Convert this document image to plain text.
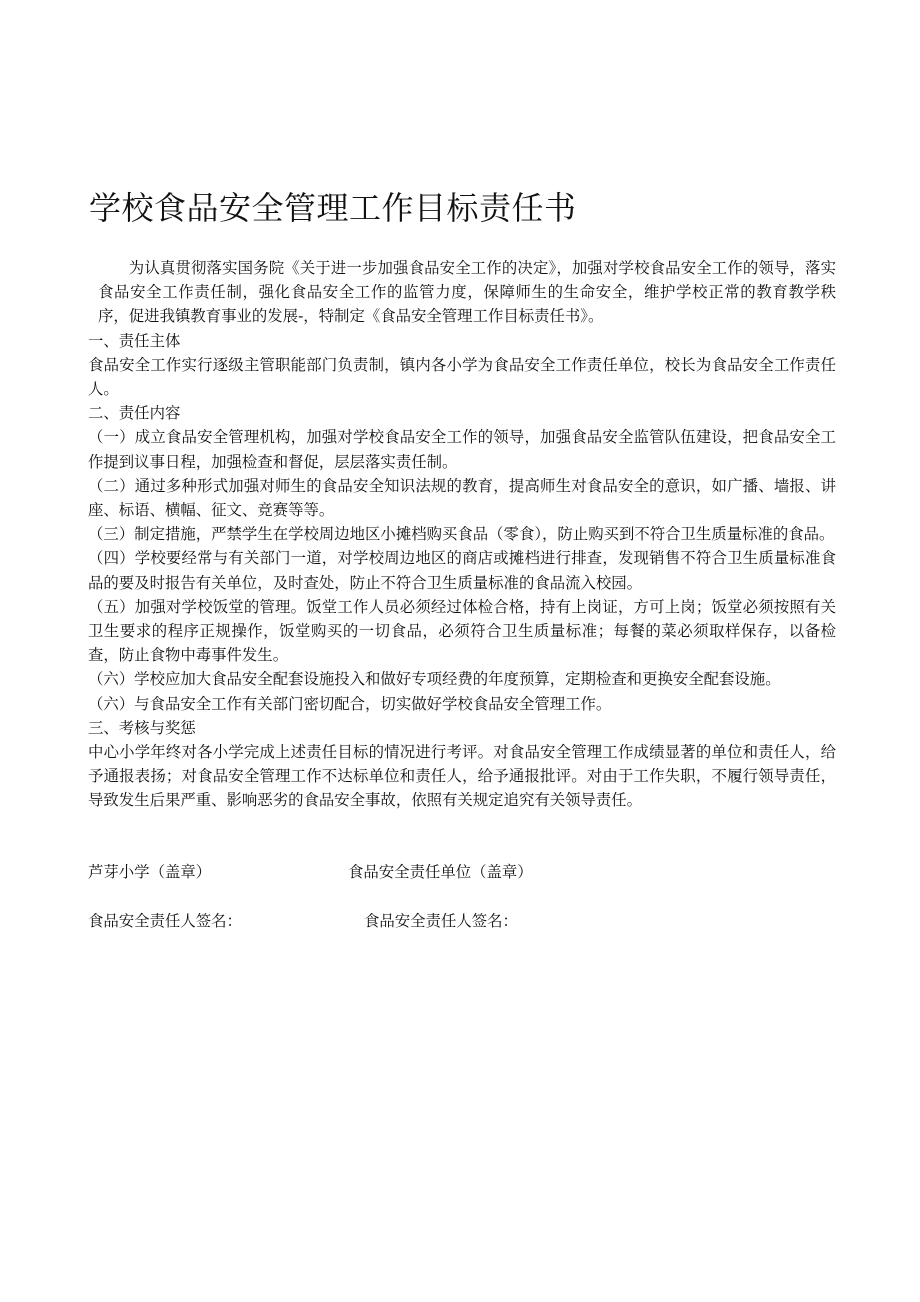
学校食品安全管理工作目标责任书

为认真贯彻落实国务院《关于进一步加强食品安全工作的决定》，加强对学校食品安全工作的领导，落实食品安全工作责任制，强化食品安全工作的监管力度，保障师生的生命安全，维护学校正常的教育教学秩序，促进我镇教育事业的发展-，特制定《食品安全管理工作目标责任书》。

一、责任主体

食品安全工作实行逐级主管职能部门负责制，镇内各小学为食品安全工作责任单位，校长为食品安全工作责任人。

二、责任内容

（一）成立食品安全管理机构，加强对学校食品安全工作的领导，加强食品安全监管队伍建设，把食品安全工作提到议事日程，加强检查和督促，层层落实责任制。

（二）通过多种形式加强对师生的食品安全知识法规的教育，提高师生对食品安全的意识，如广播、墙报、讲座、标语、横幅、征文、竞赛等等。

（三）制定措施，严禁学生在学校周边地区小摊档购买食品（零食），防止购买到不符合卫生质量标准的食品。

（四）学校要经常与有关部门一道，对学校周边地区的商店或摊档进行排查，发现销售不符合卫生质量标准食品的要及时报告有关单位，及时查处，防止不符合卫生质量标准的食品流入校园。

（五）加强对学校饭堂的管理。饭堂工作人员必须经过体检合格，持有上岗证，方可上岗；饭堂必须按照有关卫生要求的程序正规操作，饭堂购买的一切食品，必须符合卫生质量标准；每餐的菜必须取样保存，以备检查，防止食物中毒事件发生。

（六）学校应加大食品安全配套设施投入和做好专项经费的年度预算，定期检查和更换安全配套设施。

（六）与食品安全工作有关部门密切配合，切实做好学校食品安全管理工作。

三、考核与奖惩

中心小学年终对各小学完成上述责任目标的情况进行考评。对食品安全管理工作成绩显著的单位和责任人，给予通报表扬；对食品安全管理工作不达标单位和责任人，给予通报批评。对由于工作失职，不履行领导责任，导致发生后果严重、影响恶劣的食品安全事故，依照有关规定追究有关领导责任。

芦芽小学（盖章）	食品安全责任单位（盖章）
食品安全责任人签名：	食品安全责任人签名：
